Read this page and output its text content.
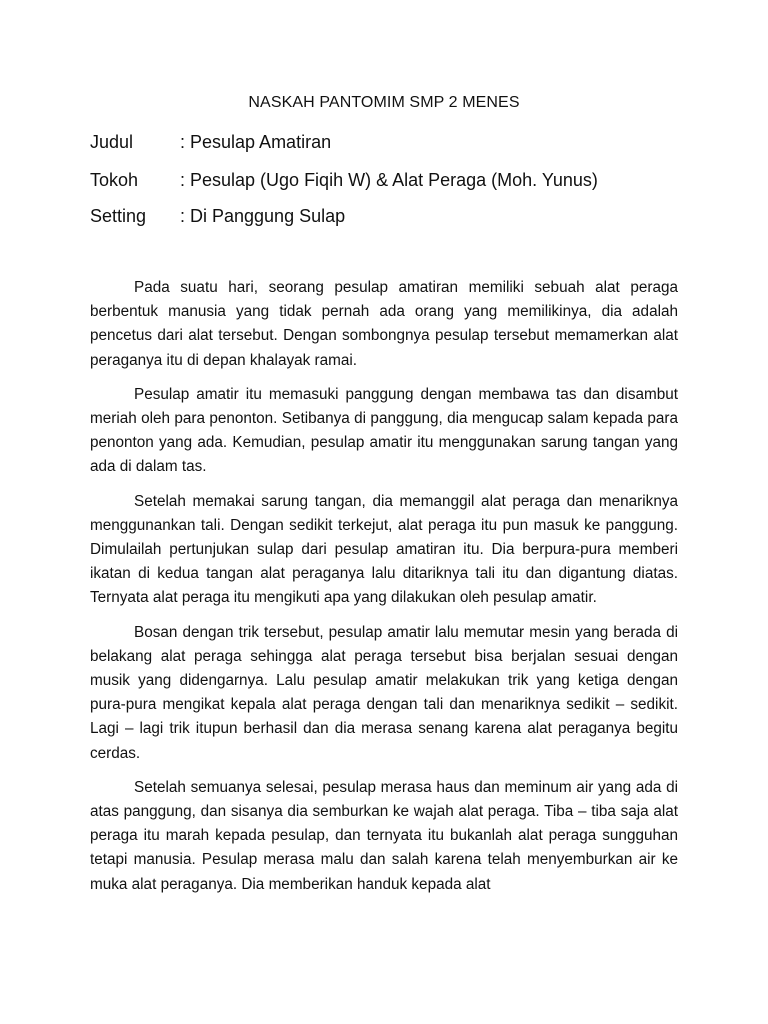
NASKAH PANTOMIM SMP 2 MENES
Judul	: Pesulap Amatiran
Tokoh : Pesulap (Ugo Fiqih W) & Alat Peraga (Moh. Yunus)
Setting : Di Panggung Sulap

Pada suatu hari, seorang pesulap amatiran memiliki sebuah alat peraga berbentuk manusia yang tidak pernah ada orang yang memilikinya, dia adalah pencetus dari alat tersebut. Dengan sombongnya pesulap tersebut memamerkan alat peraganya itu di depan khalayak ramai.

Pesulap amatir itu memasuki panggung dengan membawa tas dan disambut meriah oleh para penonton. Setibanya di panggung, dia mengucap salam kepada para penonton yang ada. Kemudian, pesulap amatir itu menggunakan sarung tangan yang ada di dalam tas.

Setelah memakai sarung tangan, dia memanggil alat peraga dan menariknya menggunankan tali. Dengan sedikit terkejut, alat peraga itu pun masuk ke panggung. Dimulailah pertunjukan sulap dari pesulap amatiran itu. Dia berpura-pura memberi ikatan di kedua tangan alat peraganya lalu ditariknya tali itu dan digantung diatas. Ternyata alat peraga itu mengikuti apa yang dilakukan oleh pesulap amatir.

Bosan dengan trik tersebut, pesulap amatir lalu memutar mesin yang berada di belakang alat peraga sehingga alat peraga tersebut bisa berjalan sesuai dengan musik yang didengarnya. Lalu pesulap amatir melakukan trik yang ketiga dengan pura-pura mengikat kepala alat peraga dengan tali dan menariknya sedikit – sedikit. Lagi – lagi trik itupun berhasil dan dia merasa senang karena alat peraganya begitu cerdas.

Setelah semuanya selesai, pesulap merasa haus dan meminum air yang ada di atas panggung, dan sisanya dia semburkan ke wajah alat peraga. Tiba – tiba saja alat peraga itu marah kepada pesulap, dan ternyata itu bukanlah alat peraga sungguhan tetapi manusia. Pesulap merasa malu dan salah karena telah menyemburkan air ke muka alat peraganya. Dia memberikan handuk kepada alat
